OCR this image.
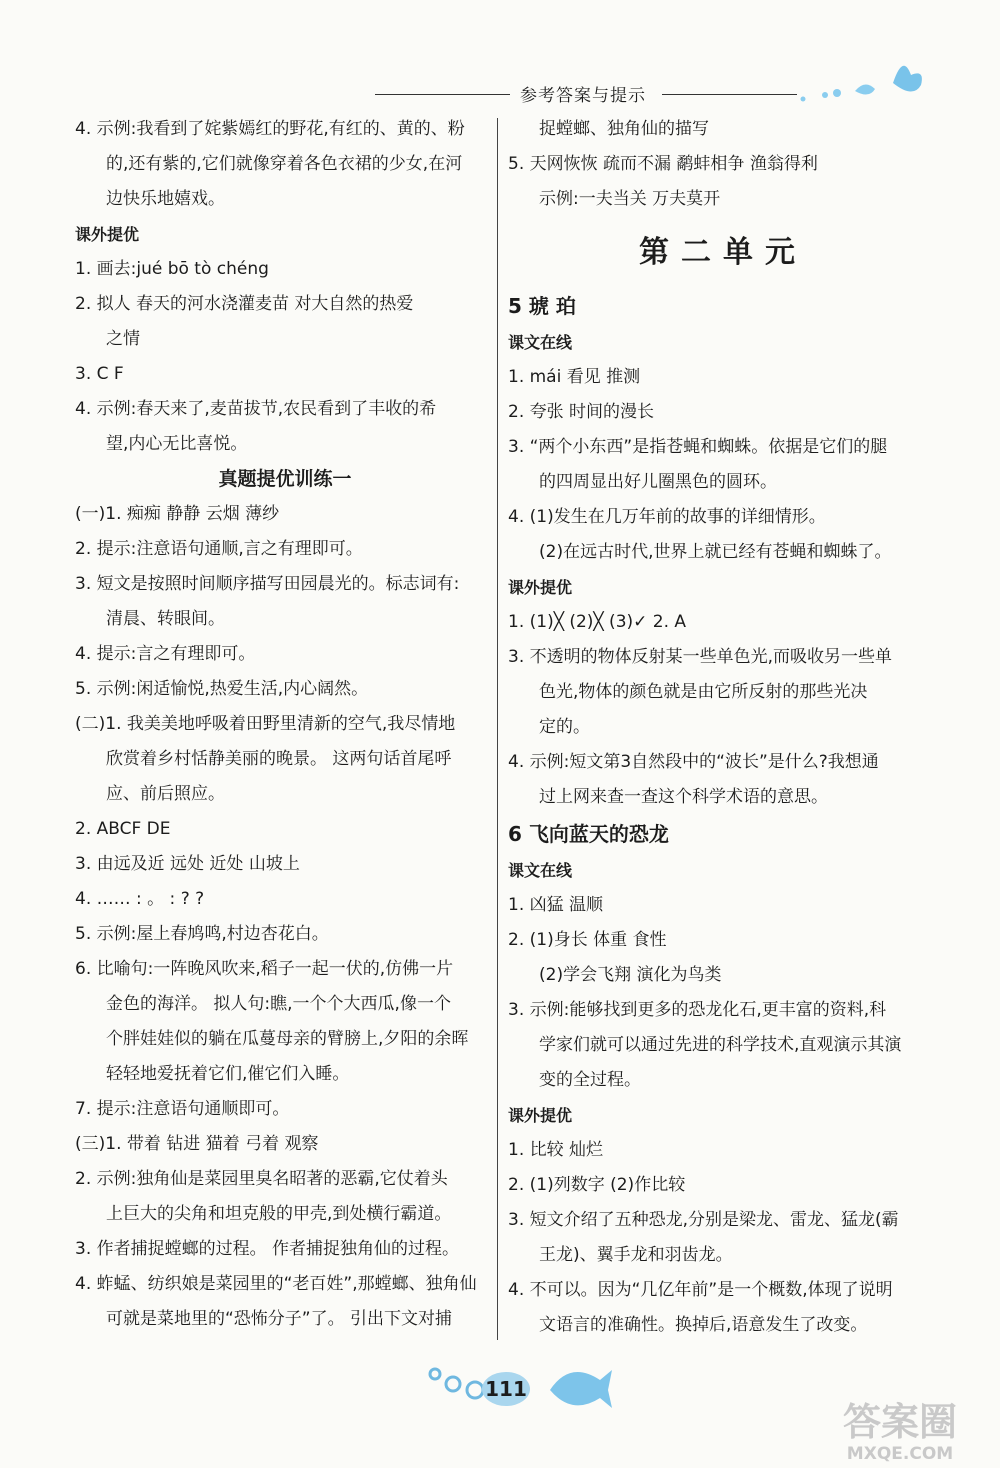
参考答案与提示
4. 示例:我看到了姹紫嫣红的野花,有红的、黄的、粉
的,还有紫的,它们就像穿着各色衣裙的少女,在河
边快乐地嬉戏。
课外提优
1. 画去:jué bō tò chéng
2. 拟人 春天的河水浇灌麦苗 对大自然的热爱
之情
3. C F
4. 示例:春天来了,麦苗拔节,农民看到了丰收的希
望,内心无比喜悦。
真题提优训练一
(一)1. 痴痴 静静 云烟 薄纱
2. 提示:注意语句通顺,言之有理即可。
3. 短文是按照时间顺序描写田园晨光的。标志词有:
清晨、转眼间。
4. 提示:言之有理即可。
5. 示例:闲适愉悦,热爱生活,内心阔然。
(二)1. 我美美地呼吸着田野里清新的空气,我尽情地
欣赏着乡村恬静美丽的晚景。 这两句话首尾呼
应、前后照应。
2. ABCF DE
3. 由远及近 远处 近处 山坡上
4. …… : 。 : ? ?
5. 示例:屋上春鸠鸣,村边杏花白。
6. 比喻句:一阵晚风吹来,稻子一起一伏的,仿佛一片
金色的海洋。 拟人句:瞧,一个个大西瓜,像一个
个胖娃娃似的躺在瓜蔓母亲的臂膀上,夕阳的余晖
轻轻地爱抚着它们,催它们入睡。
7. 提示:注意语句通顺即可。
(三)1. 带着 钻进 猫着 弓着 观察
2. 示例:独角仙是菜园里臭名昭著的恶霸,它仗着头
上巨大的尖角和坦克般的甲壳,到处横行霸道。
3. 作者捕捉螳螂的过程。 作者捕捉独角仙的过程。
4. 蚱蜢、纺织娘是菜园里的“老百姓”,那螳螂、独角仙
可就是菜地里的“恐怖分子”了。 引出下文对捕
捉螳螂、独角仙的描写
5. 天网恢恢 疏而不漏 鹬蚌相争 渔翁得利
示例:一夫当关 万夫莫开
第二单元
5 琥 珀
课文在线
1. mái 看见 推测
2. 夸张 时间的漫长
3. “两个小东西”是指苍蝇和蜘蛛。依据是它们的腿
的四周显出好儿圈黑色的圆环。
4. (1)发生在几万年前的故事的详细情形。
(2)在远古时代,世界上就已经有苍蝇和蜘蛛了。
课外提优
1. (1)╳ (2)╳ (3)✓ 2. A
3. 不透明的物体反射某一些单色光,而吸收另一些单
色光,物体的颜色就是由它所反射的那些光决
定的。
4. 示例:短文第3自然段中的“波长”是什么?我想通
过上网来查一查这个科学术语的意思。
6 飞向蓝天的恐龙
课文在线
1. 凶猛 温顺
2. (1)身长 体重 食性
(2)学会飞翔 演化为鸟类
3. 示例:能够找到更多的恐龙化石,更丰富的资料,科
学家们就可以通过先进的科学技术,直观演示其演
变的全过程。
课外提优
1. 比较 灿烂
2. (1)列数字 (2)作比较
3. 短文介绍了五种恐龙,分别是梁龙、雷龙、猛龙(霸
王龙)、翼手龙和羽齿龙。
4. 不可以。因为“几亿年前”是一个概数,体现了说明
文语言的准确性。换掉后,语意发生了改变。
111
答案圈
MXQE.COM
